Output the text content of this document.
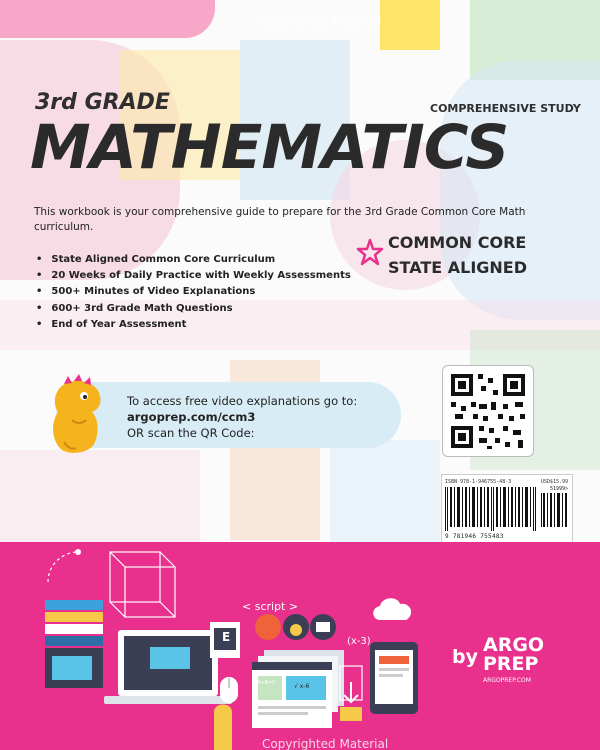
Copyrighted Material
3rd GRADE	COMPREHENSIVE STUDY
MATHEMATICS
This workbook is your comprehensive guide to prepare for the 3rd Grade Common Core Math curriculum.
• State Aligned Common Core Curriculum
• 20 Weeks of Daily Practice with Weekly Assessments
• 500+ Minutes of Video Explanations
• 600+ 3rd Grade Math Questions
• End of Year Assessment
COMMON CORE
STATE ALIGNED
To access free video explanations go to:
argoprep.com/ccm3
OR scan the QR Code:
ISBN 978-1-946755-48-3	USD$15.99
51999>
9 781946 755483
< script >
(x-3)
A+B=C
E
√ x-6
Copyrighted Material
by
ARGO
PREP
ARGOPREP.COM
